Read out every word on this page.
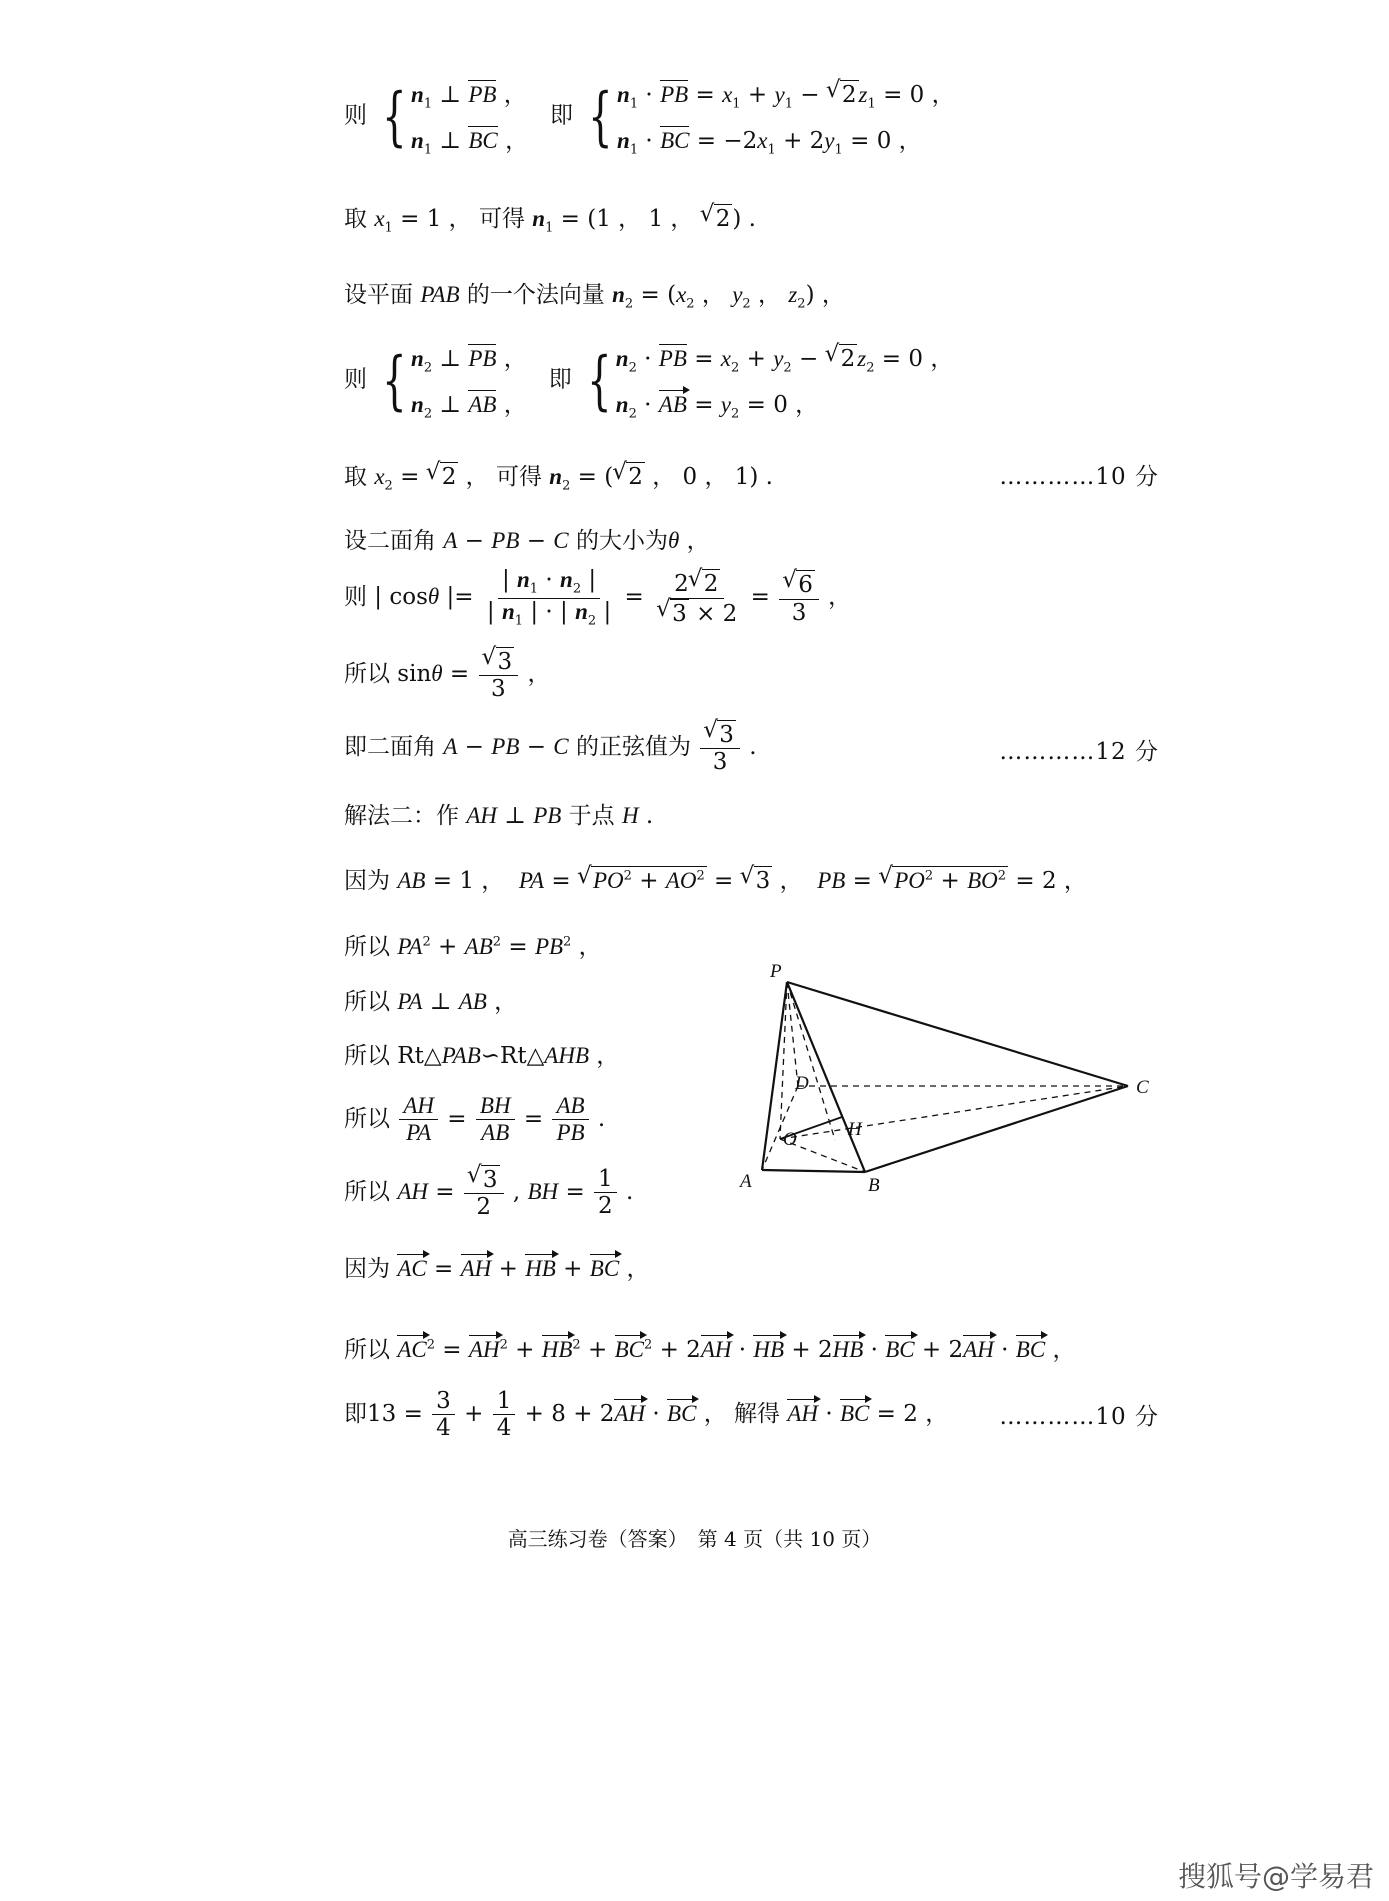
则 { $n_1$ ⊥ PB ，
$n_1$ ⊥ BC ，
即 { $n_1$ · PB = $x_1 + y_1$ − √ $2z_1 = 0$ ，
$n_1$ · BC = $-2x_1 + 2y_1 = 0$ ，
取 $x_1 = 1$ ， 可得 $n_1 = (1$ ， 1 ， √ 2) .
设平面 PAB 的一个法向量 $n_2 = (x_2$ ， $y_2$ ， $z_2$) ，
则 { $n_2$ ⊥ PB ，
$n_2$ ⊥ AB ，
即 { $n_2$ · PB = $x_2 + y_2$ − √ $2z_2 = 0$ ，
$n_2$ · AB = $y_2 = 0$ ，
取 $x_2$ = √ 2 ， 可得 $n_2$ = (√ 2 ， 0 ， 1) .	…………10 分
设二面角 A − PB − C 的大小为θ ，
则 | cosθ |= $\frac{| n_1 \cdot n_2 |}{| n_1 | \cdot | n_2 |} = 2√$ 2
√ 3 × 2 =
√ $\frac{6}{3}$ ，
所以 sinθ =
√ $\frac{3}{3}$ ，
即二面角 A − PB − C 的正弦值为
√ $\frac{3}{3}$ .	…………12 分
解法二：作 AH ⊥ PB 于点 H .
因为 AB = 1 ，  PA = √ $PO^2 + AO^2$ = √ 3 ，  PB = √ $PO^2 + BO^2 = 2$ ，
所以 $PA^2 + AB^2 = PB^2$ ，
所以 PA ⊥ AB ，
所以 Rt△PAB∽Rt△AHB ，
所以 $\frac{AH}{PA} = \frac{BH}{AB} = \frac{AB}{PB}$ .
所以 AH =
√ $\frac{3}{2}$ , BH = $\frac{1}{2}$ .
因为 AC = AH + HB + BC ，
所以 $AC^2 = AH^2 + HB^2 + BC^2 + 2AH$ · HB + 2HB · BC + 2AH · BC ，
即$13 = \frac{3}{4} + \frac{1}{4} + 8 + 2AH$ · BC ， 解得 AH · BC = 2 ， …………10 分
P
C
D
O	H
A	B
高三练习卷（答案）　第 4 页（共 10 页）
搜狐号@学易君
